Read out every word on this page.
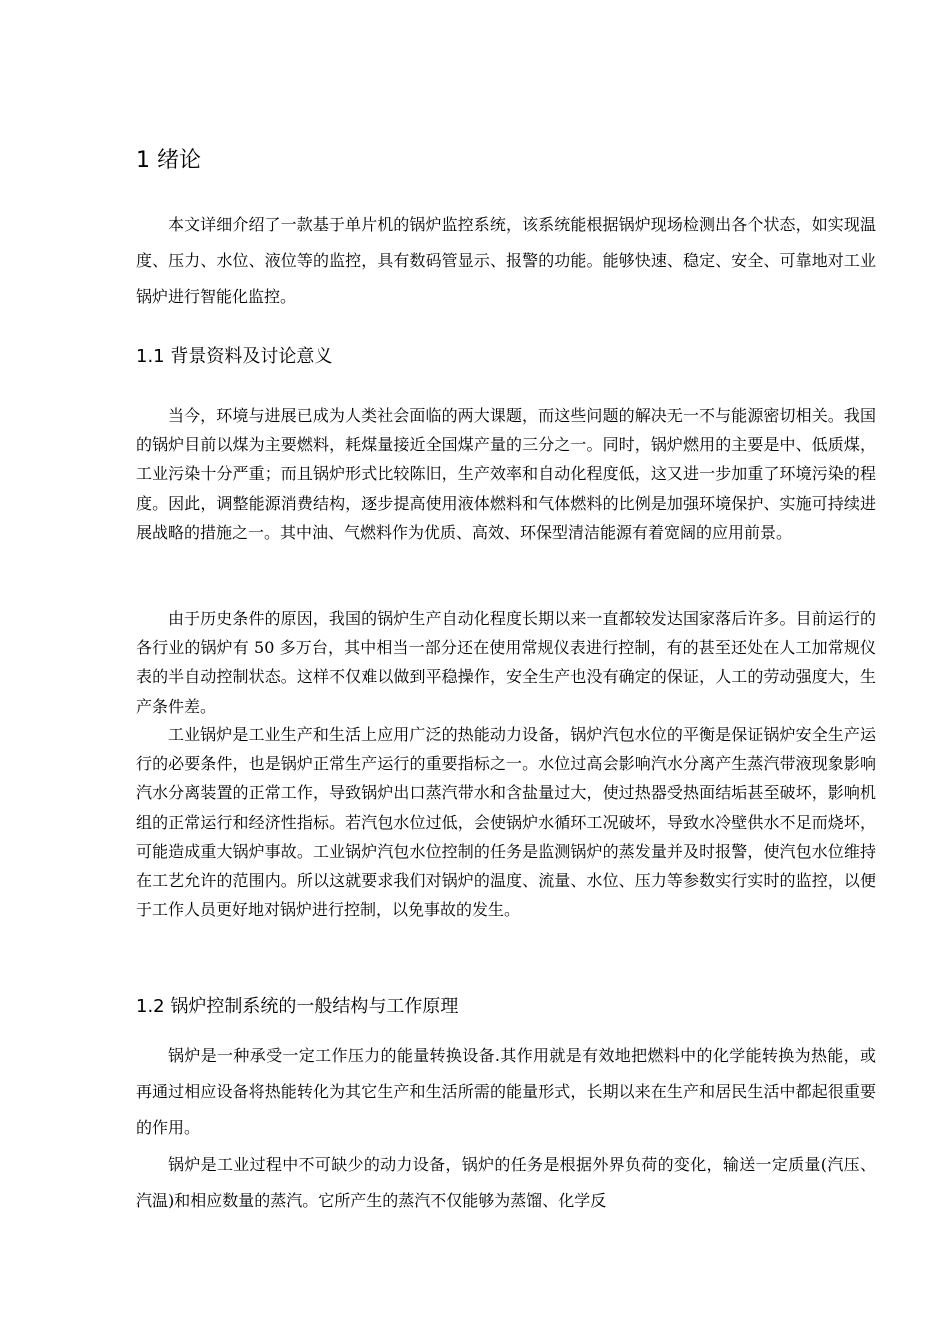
1 绪论

本文详细介绍了一款基于单片机的锅炉监控系统，该系统能根据锅炉现场检测出各个状态，如实现温度、压力、水位、液位等的监控，具有数码管显示、报警的功能。能够快速、稳定、安全、可靠地对工业锅炉进行智能化监控。

1.1 背景资料及讨论意义

当今，环境与进展已成为人类社会面临的两大课题，而这些问题的解决无一不与能源密切相关。我国的锅炉目前以煤为主要燃料，耗煤量接近全国煤产量的三分之一。同时，锅炉燃用的主要是中、低质煤，工业污染十分严重；而且锅炉形式比较陈旧，生产效率和自动化程度低，这又进一步加重了环境污染的程度。因此，调整能源消费结构，逐步提高使用液体燃料和气体燃料的比例是加强环境保护、实施可持续进展战略的措施之一。其中油、气燃料作为优质、高效、环保型清洁能源有着宽阔的应用前景。

由于历史条件的原因，我国的锅炉生产自动化程度长期以来一直都较发达国家落后许多。目前运行的各行业的锅炉有 50 多万台，其中相当一部分还在使用常规仪表进行控制，有的甚至还处在人工加常规仪表的半自动控制状态。这样不仅难以做到平稳操作，安全生产也没有确定的保证，人工的劳动强度大，生产条件差。

工业锅炉是工业生产和生活上应用广泛的热能动力设备，锅炉汽包水位的平衡是保证锅炉安全生产运行的必要条件，也是锅炉正常生产运行的重要指标之一。水位过高会影响汽水分离产生蒸汽带液现象影响汽水分离装置的正常工作，导致锅炉出口蒸汽带水和含盐量过大，使过热器受热面结垢甚至破坏，影响机组的正常运行和经济性指标。若汽包水位过低，会使锅炉水循环工况破坏，导致水冷壁供水不足而烧坏，可能造成重大锅炉事故。工业锅炉汽包水位控制的任务是监测锅炉的蒸发量并及时报警，使汽包水位维持在工艺允许的范围内。所以这就要求我们对锅炉的温度、流量、水位、压力等参数实行实时的监控，以便于工作人员更好地对锅炉进行控制，以免事故的发生。

1.2 锅炉控制系统的一般结构与工作原理

锅炉是一种承受一定工作压力的能量转换设备.其作用就是有效地把燃料中的化学能转换为热能，或再通过相应设备将热能转化为其它生产和生活所需的能量形式，长期以来在生产和居民生活中都起很重要的作用。

锅炉是工业过程中不可缺少的动力设备，锅炉的任务是根据外界负荷的变化，输送一定质量(汽压、汽温)和相应数量的蒸汽。它所产生的蒸汽不仅能够为蒸馏、化学反
